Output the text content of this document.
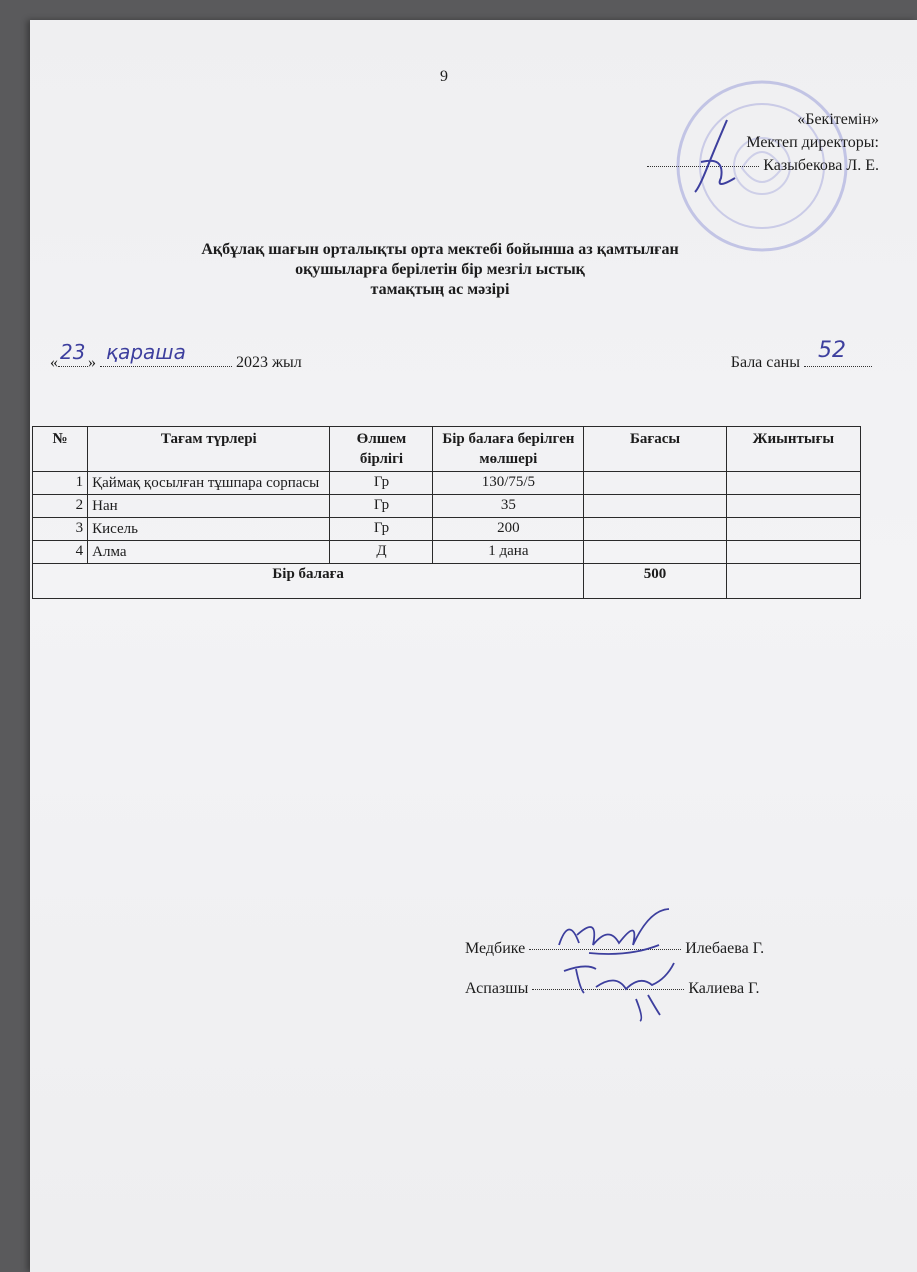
9
«Бекітемін»
Мектеп директоры:
Казыбекова Л. Е.
Ақбұлақ шағын орталықты орта мектебі бойынша аз қамтылған
оқушыларға берілетін бір мезгіл ыстық
тамақтың ас мәзірі
« 23 » қараша	2023 жыл	Бала саны 52
№	Тағам түрлері	Өлшем бірлігі	Бір балаға берілген мөлшері	Бағасы	Жиынтығы
1	Қаймақ қосылған тұшпара сорпасы	Гр	130/75/5		
2	Нан	Гр	35		
3	Кисель	Гр	200		
4	Алма	Д	1 дана		
Бір балаға				500	
Медбике	Илебаева Г.
Аспазшы	Калиева Г.
